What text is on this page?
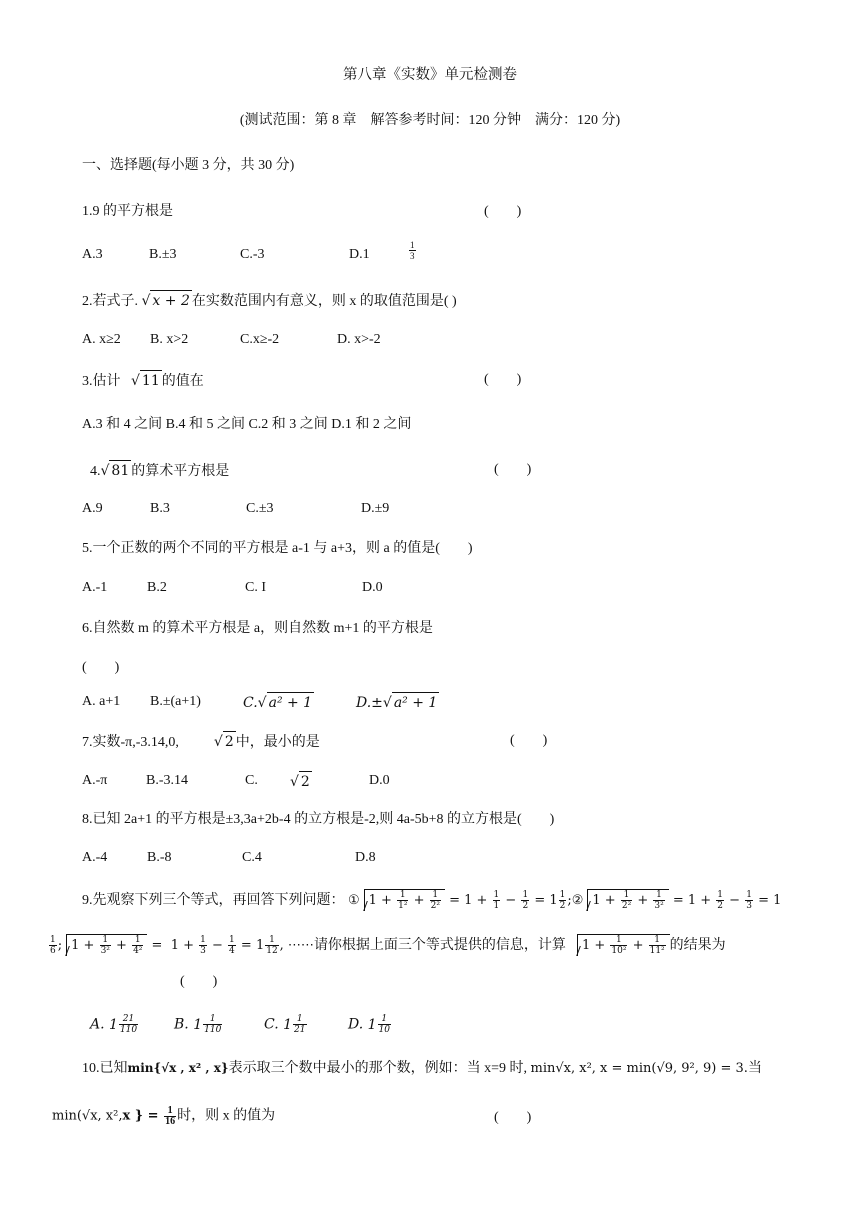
第八章《实数》单元检测卷
(测试范围：第 8 章　解答参考时间：120 分钟　满分：120 分)
一、选择题(每小题 3 分，共 30 分)
1.9 的平方根是	(　　)
A.3	B.±3	C.-3	D.1	$\frac{1}{3}$
2.若式子. √ x + 2 在实数范围内有意义，则 x 的取值范围是( )
A. x≥2 B. x>2	C.x≥-2	D. x>-2
3.估计 √ 11 的值在	(　　)
A.3 和 4 之间 B.4 和 5 之间 C.2 和 3 之间 D.1 和 2 之间
4.√ 81 的算术平方根是	(　　)
A.9	B.3	C.±3	D.±9
5.一个正数的两个不同的平方根是 a-1 与 a+3，则 a 的值是(　　)
A.-1	B.2	C. I	D.0
6.自然数 m 的算术平方根是 a，则自然数 m+1 的平方根是
(　　)
A. a+1 B.±(a+1)	C.√ a² + 1	D.±√ a² + 1
7.实数-π,-3.14,0,	√ 2 中，最小的是	(　　)
A.-π	B.-3.14	C. √ 2	D.0
8.已知 2a+1 的平方根是±3,3a+2b-4 的立方根是-2,则 4a-5b+8 的立方根是(　　)
A.-4	B.-8	C.4	D.8
9.先观察下列三个等式，再回答下列问题： ① $1 + \frac{1}{\text{1²}} + \frac{1}{\text{2²}} = 1 + \frac{1}{1} - \frac{1}{2} = 1 \frac{1}{2}$ ;② $1 + \frac{1}{\text{2²}} + \frac{1}{\text{3²}} = 1 + \frac{1}{2} - \frac{1}{3} = 1$
$\frac{1}{6}$ ; $1 + \frac{1}{\text{3²}} + \frac{1}{\text{4²}} = 1 + \frac{1}{3} - \frac{1}{4} = 1 \frac{1}{12}$ , ⋯⋯请你根据上面三个等式提供的信息，计算 $1 + \frac{1}{\text{10²}} + \frac{1}{\text{11²}}$ 的结果为
(　　)
A. $1 \frac{21}{110}$	B. $1 \frac{1}{110}$	C. $1 \frac{1}{21}$	D. $1 \frac{1}{10}$
10.已知min{√x , x² , x}表示取三个数中最小的那个数，例如：当 x=9 时, min√x, x², x = min(√9, 9², 9) = 3.当
min(√x, x²,x } = $\frac{1}{16}$ 时，则 x 的值为	(　　)
